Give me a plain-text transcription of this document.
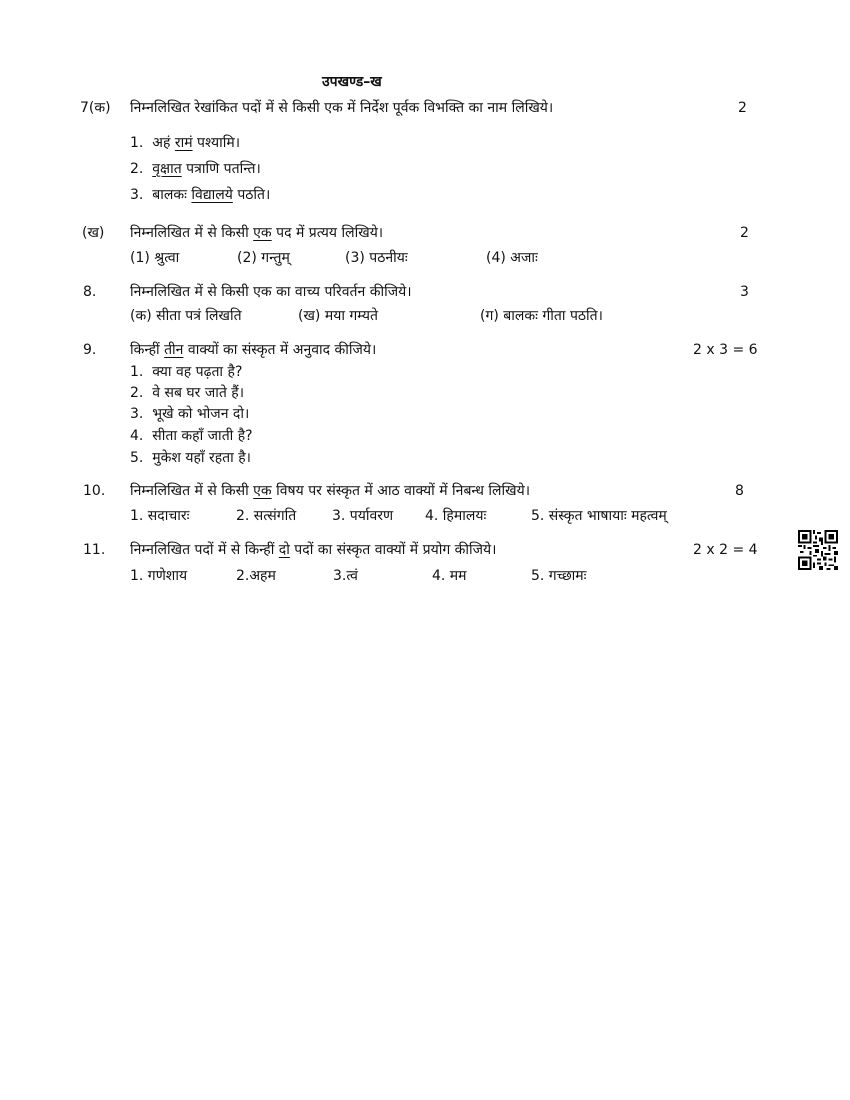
उपखण्ड–ख
7(क) निम्नलिखित रेखांकित पदों में से किसी एक में निर्देश पूर्वक विभक्ति का नाम लिखिये।	2
1. अहं रामं पश्यामि।
2. वृक्षात पत्राणि पतन्ति।
3. बालकः विद्यालये पठति।
(ख) निम्नलिखित में से किसी एक पद में प्रत्यय लिखिये।	2
(1) श्रुत्वा	(2) गन्तुम्	(3) पठनीयः	(4) अजाः
8. निम्नलिखित में से किसी एक का वाच्य परिवर्तन कीजिये।	3
(क) सीता पत्रं लिखति	(ख) मया गम्यते	(ग) बालकः गीता पठति।
9. किन्हीं तीन वाक्यों का संस्कृत में अनुवाद कीजिये।	2 x 3 = 6
1. क्या वह पढ़ता है?
2. वे सब घर जाते हैं।
3. भूखे को भोजन दो।
4. सीता कहाँ जाती है?
5. मुकेश यहाँ रहता है।
10. निम्नलिखित में से किसी एक विषय पर संस्कृत में आठ वाक्यों में निबन्ध लिखिये।	8
1. सदाचारः	2. सत्संगति	3. पर्यावरण 4. हिमालयः	5. संस्कृत भाषायाः महत्वम्
11. निम्नलिखित पदों में से किन्हीं दो पदों का संस्कृत वाक्यों में प्रयोग कीजिये।	2 x 2 = 4
1. गणेशाय	2.अहम	3.त्वं	4. मम	5. गच्छामः
